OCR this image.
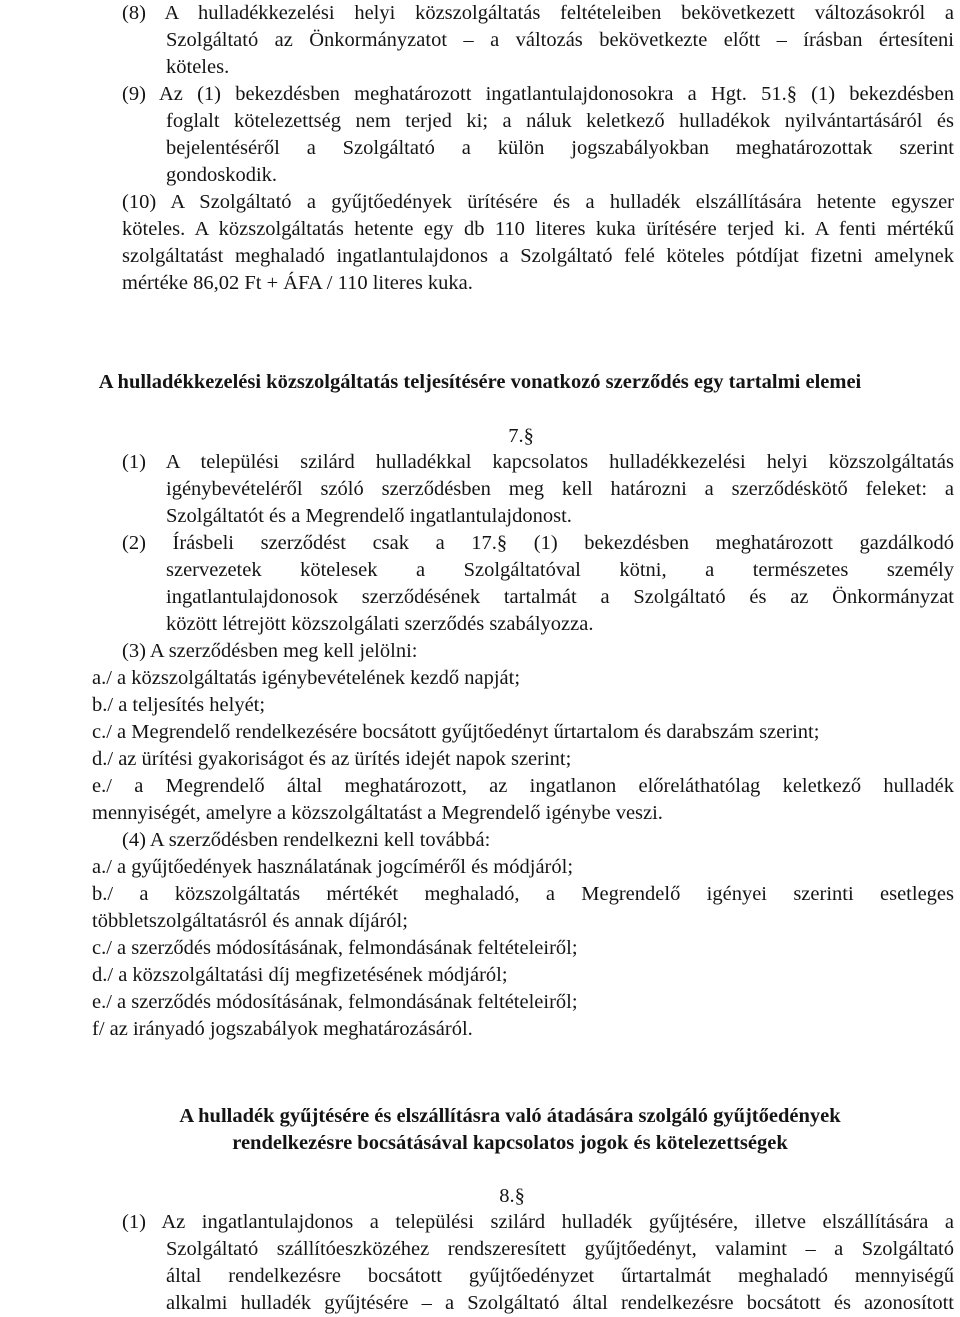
(8) A hulladékkezelési helyi közszolgáltatás feltételeiben bekövetkezett változásokról a

Szolgáltató az Önkormányzatot – a változás bekövetkezte előtt – írásban értesíteni

köteles.

(9) Az (1) bekezdésben meghatározott ingatlantulajdonosokra a Hgt. 51.§ (1) bekezdésben

foglalt kötelezettség nem terjed ki; a náluk keletkező hulladékok nyilvántartásáról és

bejelentéséről a Szolgáltató a külön jogszabályokban meghatározottak szerint

gondoskodik.

(10) A Szolgáltató a gyűjtőedények ürítésére és a hulladék elszállítására hetente egyszer

köteles. A közszolgáltatás hetente egy db 110 literes kuka ürítésére terjed ki. A fenti mértékű

szolgáltatást meghaladó ingatlantulajdonos a Szolgáltató felé köteles pótdíjat fizetni amelynek

mértéke 86,02 Ft + ÁFA / 110 literes kuka.

A hulladékkezelési közszolgáltatás teljesítésére vonatkozó szerződés egy tartalmi elemei

7.§

(1) A települési szilárd hulladékkal kapcsolatos hulladékkezelési helyi közszolgáltatás

igénybevételéről szóló szerződésben meg kell határozni a szerződéskötő feleket: a

Szolgáltatót és a Megrendelő ingatlantulajdonost.

(2) Írásbeli szerződést csak a 17.§ (1) bekezdésben meghatározott gazdálkodó

szervezetek kötelesek a Szolgáltatóval kötni, a természetes személy

ingatlantulajdonosok szerződésének tartalmát a Szolgáltató és az Önkormányzat

között létrejött közszolgálati szerződés szabályozza.

(3) A szerződésben meg kell jelölni:

a./ a közszolgáltatás igénybevételének kezdő napját;

b./ a teljesítés helyét;

c./ a Megrendelő rendelkezésére bocsátott gyűjtőedényt űrtartalom és darabszám szerint;

d./ az ürítési gyakoriságot és az ürítés idejét napok szerint;

e./ a Megrendelő által meghatározott, az ingatlanon előreláthatólag keletkező hulladék

mennyiségét, amelyre a közszolgáltatást a Megrendelő igénybe veszi.

(4) A szerződésben rendelkezni kell továbbá:

a./ a gyűjtőedények használatának jogcíméről és módjáról;

b./ a közszolgáltatás mértékét meghaladó, a Megrendelő igényei szerinti esetleges

többletszolgáltatásról és annak díjáról;

c./ a szerződés módosításának, felmondásának feltételeiről;

d./ a közszolgáltatási díj megfizetésének módjáról;

e./ a szerződés módosításának, felmondásának feltételeiről;

f/ az irányadó jogszabályok meghatározásáról.

A hulladék gyűjtésére és elszállításra való átadására szolgáló gyűjtőedények

rendelkezésre bocsátásával kapcsolatos jogok és kötelezettségek

8.§

(1) Az ingatlantulajdonos a települési szilárd hulladék gyűjtésére, illetve elszállítására a

Szolgáltató szállítóeszközéhez rendszeresített gyűjtőedényt, valamint – a Szolgáltató

által rendelkezésre bocsátott gyűjtőedényzet űrtartalmát meghaladó mennyiségű

alkalmi hulladék gyűjtésére – a Szolgáltató által rendelkezésre bocsátott és azonosított
